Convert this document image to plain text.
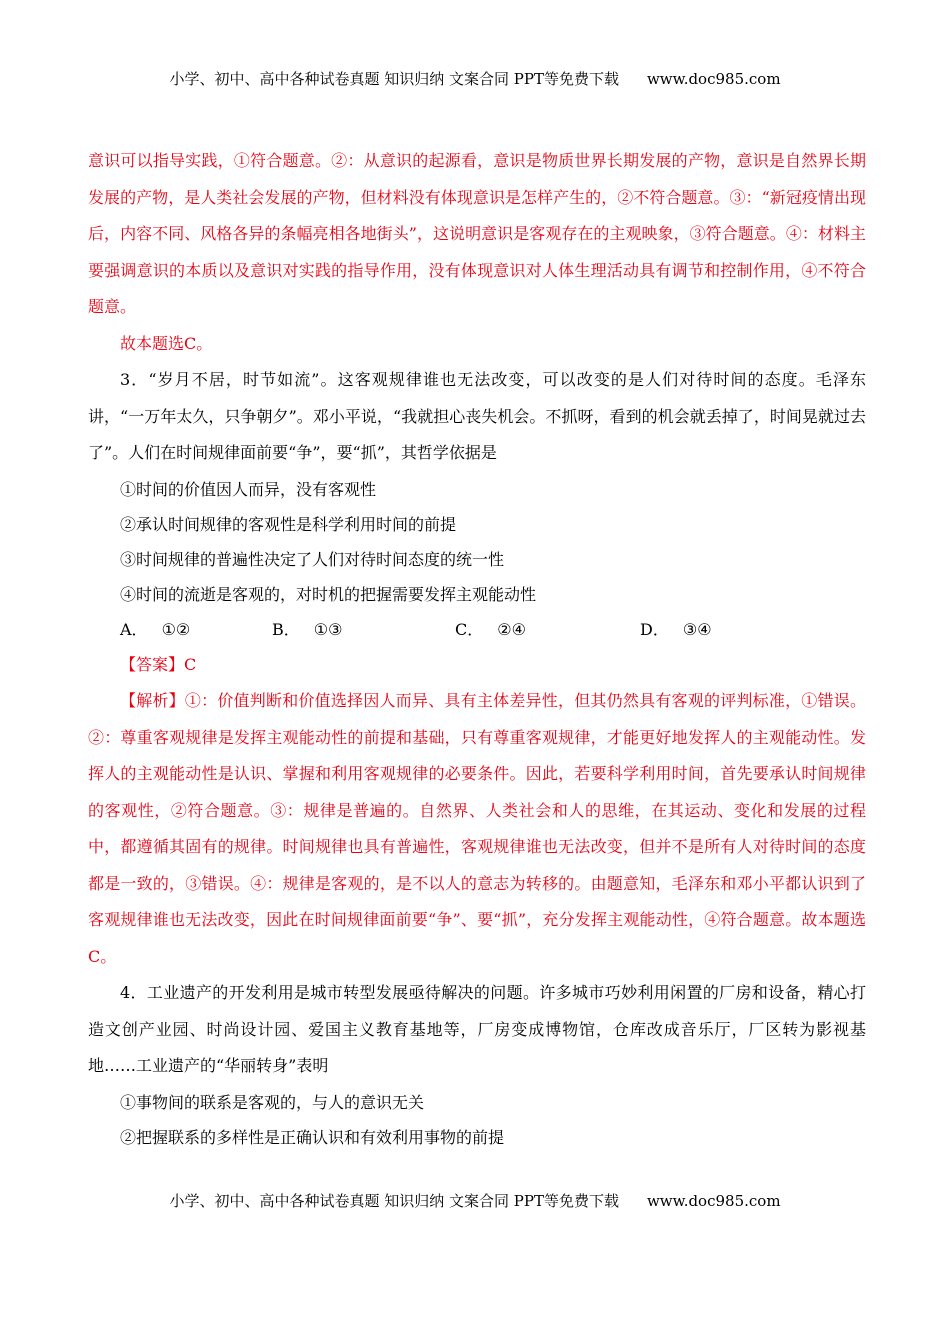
小学、初中、高中各种试卷真题 知识归纳 文案合同 PPT等免费下载 www.doc985.com

意识可以指导实践，①符合题意。②：从意识的起源看，意识是物质世界长期发展的产物，意识是自然界长期发展的产物，是人类社会发展的产物，但材料没有体现意识是怎样产生的，②不符合题意。③：“新冠疫情出现后，内容不同、风格各异的条幅亮相各地街头”，这说明意识是客观存在的主观映象，③符合题意。④：材料主要强调意识的本质以及意识对实践的指导作用，没有体现意识对人体生理活动具有调节和控制作用，④不符合题意。

故本题选C。

3．“岁月不居，时节如流”。这客观规律谁也无法改变，可以改变的是人们对待时间的态度。毛泽东讲，“一万年太久，只争朝夕”。邓小平说，“我就担心丧失机会。不抓呀，看到的机会就丢掉了，时间晃就过去了”。人们在时间规律面前要“争”，要“抓”，其哲学依据是

①时间的价值因人而异，没有客观性

②承认时间规律的客观性是科学利用时间的前提

③时间规律的普遍性决定了人们对待时间态度的统一性

④时间的流逝是客观的，对时机的把握需要发挥主观能动性

A． ①②	B． ①③	C． ②④	D． ③④

【答案】C

【解析】①：价值判断和价值选择因人而异、具有主体差异性，但其仍然具有客观的评判标准，①错误。②：尊重客观规律是发挥主观能动性的前提和基础，只有尊重客观规律，才能更好地发挥人的主观能动性。发挥人的主观能动性是认识、掌握和利用客观规律的必要条件。因此，若要科学利用时间，首先要承认时间规律的客观性，②符合题意。③：规律是普遍的。自然界、人类社会和人的思维，在其运动、变化和发展的过程中，都遵循其固有的规律。时间规律也具有普遍性，客观规律谁也无法改变，但并不是所有人对待时间的态度都是一致的，③错误。④：规律是客观的，是不以人的意志为转移的。由题意知，毛泽东和邓小平都认识到了客观规律谁也无法改变，因此在时间规律面前要“争”、要“抓”，充分发挥主观能动性，④符合题意。故本题选C。

4．工业遗产的开发利用是城市转型发展亟待解决的问题。许多城市巧妙利用闲置的厂房和设备，精心打造文创产业园、时尚设计园、爱国主义教育基地等，厂房变成博物馆，仓库改成音乐厅，厂区转为影视基地……工业遗产的“华丽转身”表明

①事物间的联系是客观的，与人的意识无关

②把握联系的多样性是正确认识和有效利用事物的前提

小学、初中、高中各种试卷真题 知识归纳 文案合同 PPT等免费下载 www.doc985.com
